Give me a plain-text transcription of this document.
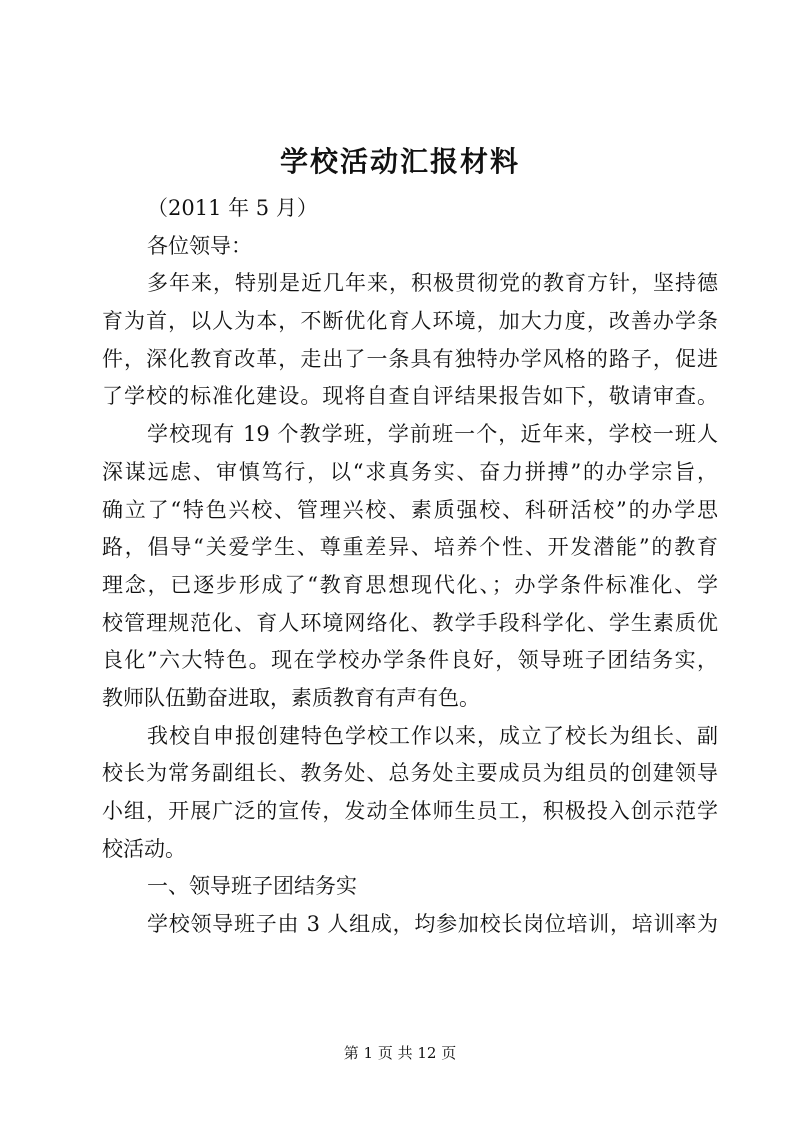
学校活动汇报材料
（2011 年 5 月）
各位领导：
多年来，特别是近几年来，积极贯彻党的教育方针，坚持德
育为首，以人为本，不断优化育人环境，加大力度，改善办学条
件，深化教育改革，走出了一条具有独特办学风格的路子，促进
了学校的标准化建设。现将自查自评结果报告如下，敬请审查。
学校现有 19 个教学班，学前班一个，近年来，学校一班人
深谋远虑、审慎笃行，以“求真务实、奋力拼搏”的办学宗旨，
确立了“特色兴校、管理兴校、素质强校、科研活校”的办学思
路，倡导“关爱学生、尊重差异、培养个性、开发潜能”的教育
理念，已逐步形成了“教育思想现代化、；办学条件标准化、学
校管理规范化、育人环境网络化、教学手段科学化、学生素质优
良化”六大特色。现在学校办学条件良好，领导班子团结务实，
教师队伍勤奋进取，素质教育有声有色。
我校自申报创建特色学校工作以来，成立了校长为组长、副
校长为常务副组长、教务处、总务处主要成员为组员的创建领导
小组，开展广泛的宣传，发动全体师生员工，积极投入创示范学
校活动。
一、领导班子团结务实
学校领导班子由 3 人组成，均参加校长岗位培训，培训率为
第 1 页 共 12 页
